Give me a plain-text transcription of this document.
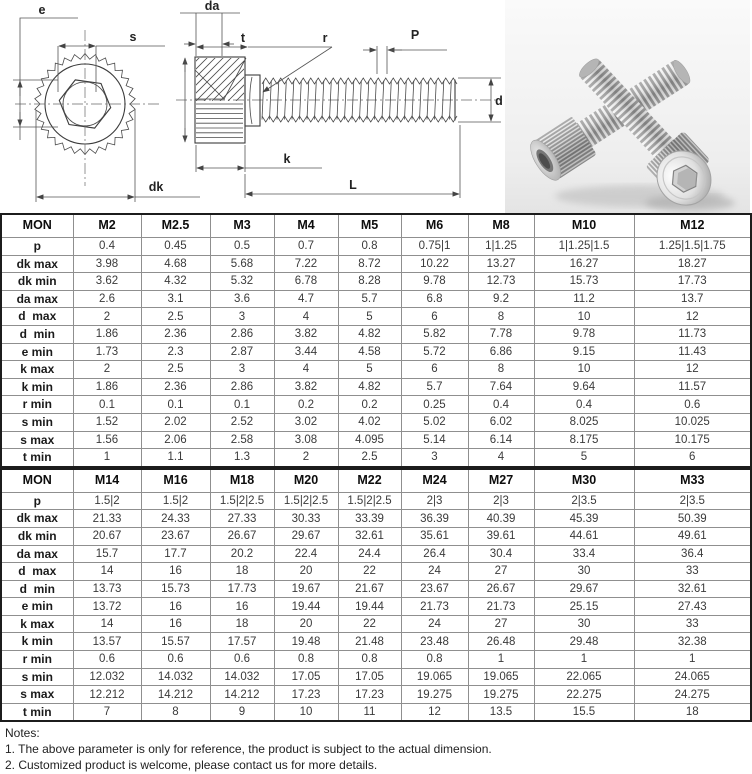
e
s
dk
da
t	r	P
d
k
L
MON	M2	M2.5	M3	M4	M5	M6	M8	M10	M12
p	0.4	0.45	0.5	0.7	0.8	0.75|1	1|1.25	1|1.25|1.5	1.25|1.5|1.75
dk max	3.98	4.68	5.68	7.22	8.72	10.22	13.27	16.27	18.27
dk min	3.62	4.32	5.32	6.78	8.28	9.78	12.73	15.73	17.73
da max	2.6	3.1	3.6	4.7	5.7	6.8	9.2	11.2	13.7
d  max	2	2.5	3	4	5	6	8	10	12
d  min	1.86	2.36	2.86	3.82	4.82	5.82	7.78	9.78	11.73
e min	1.73	2.3	2.87	3.44	4.58	5.72	6.86	9.15	11.43
k max	2	2.5	3	4	5	6	8	10	12
k min	1.86	2.36	2.86	3.82	4.82	5.7	7.64	9.64	11.57
r min	0.1	0.1	0.1	0.2	0.2	0.25	0.4	0.4	0.6
s min	1.52	2.02	2.52	3.02	4.02	5.02	6.02	8.025	10.025
s max	1.56	2.06	2.58	3.08	4.095	5.14	6.14	8.175	10.175
t min	1	1.1	1.3	2	2.5	3	4	5	6
MON	M14	M16	M18	M20	M22	M24	M27	M30	M33
p	1.5|2	1.5|2	1.5|2|2.5	1.5|2|2.5	1.5|2|2.5	2|3	2|3	2|3.5	2|3.5
dk max	21.33	24.33	27.33	30.33	33.39	36.39	40.39	45.39	50.39
dk min	20.67	23.67	26.67	29.67	32.61	35.61	39.61	44.61	49.61
da max	15.7	17.7	20.2	22.4	24.4	26.4	30.4	33.4	36.4
d  max	14	16	18	20	22	24	27	30	33
d  min	13.73	15.73	17.73	19.67	21.67	23.67	26.67	29.67	32.61
e min	13.72	16	16	19.44	19.44	21.73	21.73	25.15	27.43
k max	14	16	18	20	22	24	27	30	33
k min	13.57	15.57	17.57	19.48	21.48	23.48	26.48	29.48	32.38
r min	0.6	0.6	0.6	0.8	0.8	0.8	1	1	1
s min	12.032	14.032	14.032	17.05	17.05	19.065	19.065	22.065	24.065
s max	12.212	14.212	14.212	17.23	17.23	19.275	19.275	22.275	24.275
t min	7	8	9	10	11	12	13.5	15.5	18
Notes:
1. The above parameter is only for reference, the product is subject to the actual dimension.
2. Customized product is welcome, please contact us for more details.
